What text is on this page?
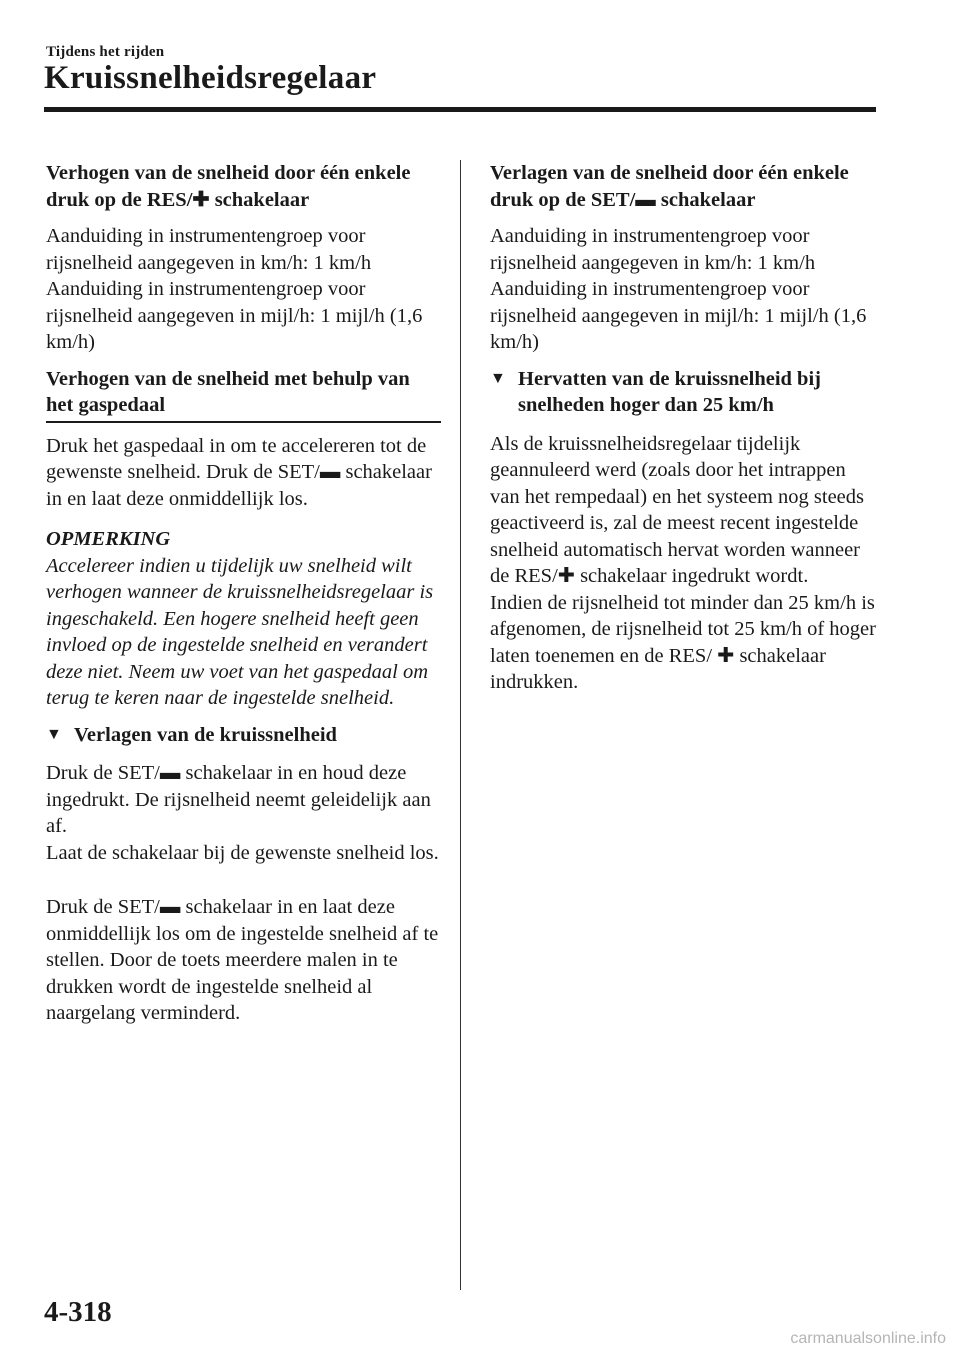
Tijdens het rijden
Kruissnelheidsregelaar
Verhogen van de snelheid door één enkele druk op de RES/✚ schakelaar
Aanduiding in instrumentengroep voor rijsnelheid aangegeven in km/h: 1 km/h Aanduiding in instrumentengroep voor rijsnelheid aangegeven in mijl/h: 1 mijl/h (1,6 km/h)
Verhogen van de snelheid met behulp van het gaspedaal
Druk het gaspedaal in om te accelereren tot de gewenste snelheid. Druk de SET/▬ schakelaar in en laat deze onmiddellijk los.
OPMERKING
Accelereer indien u tijdelijk uw snelheid wilt verhogen wanneer de kruissnelheidsregelaar is ingeschakeld. Een hogere snelheid heeft geen invloed op de ingestelde snelheid en verandert deze niet. Neem uw voet van het gaspedaal om terug te keren naar de ingestelde snelheid.
▼ Verlagen van de kruissnelheid
Druk de SET/▬ schakelaar in en houd deze ingedrukt. De rijsnelheid neemt geleidelijk aan af.
Laat de schakelaar bij de gewenste snelheid los.
Druk de SET/▬ schakelaar in en laat deze onmiddellijk los om de ingestelde snelheid af te stellen. Door de toets meerdere malen in te drukken wordt de ingestelde snelheid al naargelang verminderd.
Verlagen van de snelheid door één enkele druk op de SET/▬ schakelaar
Aanduiding in instrumentengroep voor rijsnelheid aangegeven in km/h: 1 km/h Aanduiding in instrumentengroep voor rijsnelheid aangegeven in mijl/h: 1 mijl/h (1,6 km/h)
▼ Hervatten van de kruissnelheid bij snelheden hoger dan 25 km/h
Als de kruissnelheidsregelaar tijdelijk geannuleerd werd (zoals door het intrappen van het rempedaal) en het systeem nog steeds geactiveerd is, zal de meest recent ingestelde snelheid automatisch hervat worden wanneer de RES/✚ schakelaar ingedrukt wordt.
Indien de rijsnelheid tot minder dan 25 km/h is afgenomen, de rijsnelheid tot 25 km/h of hoger laten toenemen en de RES/ ✚ schakelaar indrukken.
4-318
carmanualsonline.info
